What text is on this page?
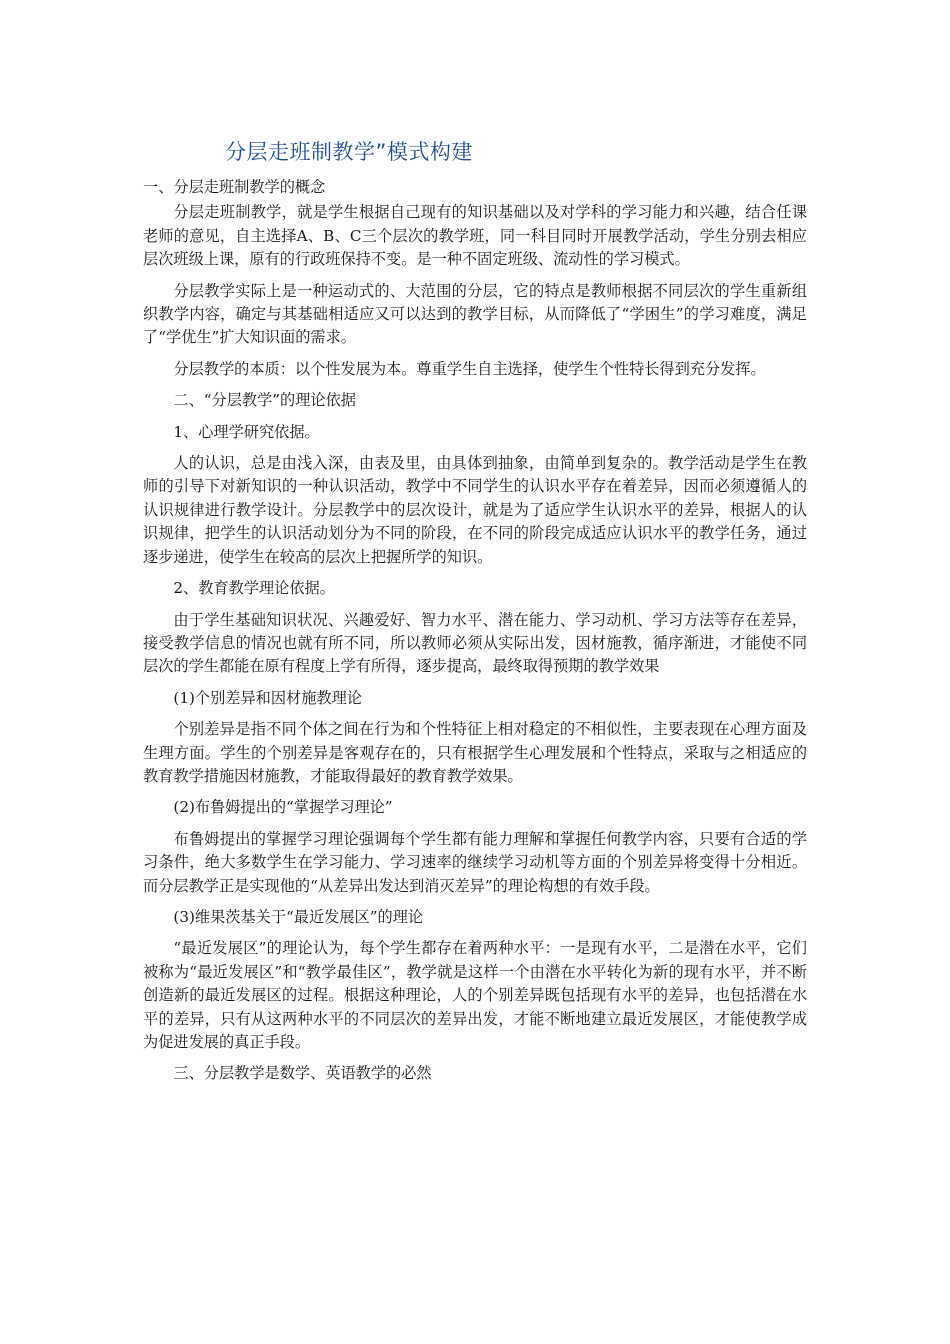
分层走班制教学”模式构建

一、分层走班制教学的概念

分层走班制教学，就是学生根据自己现有的知识基础以及对学科的学习能力和兴趣，结合任课老师的意见，自主选择A、B、C三个层次的教学班，同一科目同时开展教学活动，学生分别去相应层次班级上课，原有的行政班保持不变。是一种不固定班级、流动性的学习模式。

分层教学实际上是一种运动式的、大范围的分层，它的特点是教师根据不同层次的学生重新组织教学内容，确定与其基础相适应又可以达到的教学目标，从而降低了“学困生”的学习难度，满足了“学优生”扩大知识面的需求。

分层教学的本质：以个性发展为本。尊重学生自主选择，使学生个性特长得到充分发挥。

二、“分层教学”的理论依据

1、心理学研究依据。

人的认识，总是由浅入深，由表及里，由具体到抽象，由简单到复杂的。教学活动是学生在教师的引导下对新知识的一种认识活动，教学中不同学生的认识水平存在着差异，因而必须遵循人的认识规律进行教学设计。分层教学中的层次设计，就是为了适应学生认识水平的差异，根据人的认识规律，把学生的认识活动划分为不同的阶段，在不同的阶段完成适应认识水平的教学任务，通过逐步递进，使学生在较高的层次上把握所学的知识。

2、教育教学理论依据。

由于学生基础知识状况、兴趣爱好、智力水平、潜在能力、学习动机、学习方法等存在差异，接受教学信息的情况也就有所不同，所以教师必须从实际出发，因材施教，循序渐进，才能使不同层次的学生都能在原有程度上学有所得，逐步提高，最终取得预期的教学效果

(1)个别差异和因材施教理论

个别差异是指不同个体之间在行为和个性特征上相对稳定的不相似性，主要表现在心理方面及生理方面。学生的个别差异是客观存在的，只有根据学生心理发展和个性特点，采取与之相适应的教育教学措施因材施教，才能取得最好的教育教学效果。

(2)布鲁姆提出的“掌握学习理论”

布鲁姆提出的掌握学习理论强调每个学生都有能力理解和掌握任何教学内容，只要有合适的学习条件，绝大多数学生在学习能力、学习速率的继续学习动机等方面的个别差异将变得十分相近。而分层教学正是实现他的“从差异出发达到消灭差异”的理论构想的有效手段。

(3)维果茨基关于“最近发展区”的理论

“最近发展区”的理论认为，每个学生都存在着两种水平：一是现有水平，二是潜在水平，它们被称为“最近发展区”和“教学最佳区”，教学就是这样一个由潜在水平转化为新的现有水平，并不断创造新的最近发展区的过程。根据这种理论，人的个别差异既包括现有水平的差异，也包括潜在水平的差异，只有从这两种水平的不同层次的差异出发，才能不断地建立最近发展区，才能使教学成为促进发展的真正手段。

三、分层教学是数学、英语教学的必然
